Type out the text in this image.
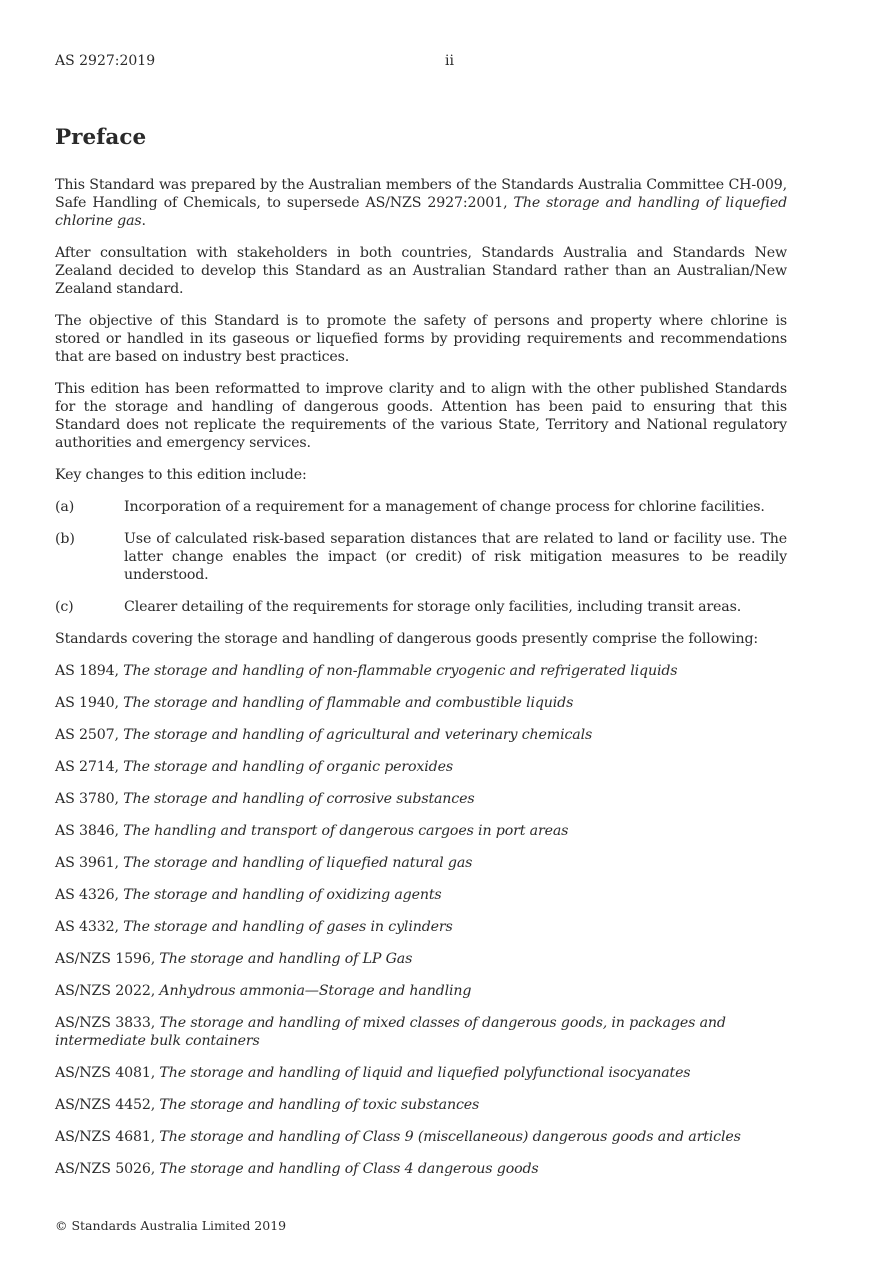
AS 2927:2019	ii
Preface

This Standard was prepared by the Australian members of the Standards Australia Committee CH-009, Safe Handling of Chemicals, to supersede AS/NZS 2927:2001, The storage and handling of liquefied chlorine gas.

After consultation with stakeholders in both countries, Standards Australia and Standards New Zealand decided to develop this Standard as an Australian Standard rather than an Australian/New Zealand standard.

The objective of this Standard is to promote the safety of persons and property where chlorine is stored or handled in its gaseous or liquefied forms by providing requirements and recommendations that are based on industry best practices.

This edition has been reformatted to improve clarity and to align with the other published Standards for the storage and handling of dangerous goods. Attention has been paid to ensuring that this Standard does not replicate the requirements of the various State, Territory and National regulatory authorities and emergency services.

Key changes to this edition include:

(a)	Incorporation of a requirement for a management of change process for chlorine facilities.
(b)	Use of calculated risk-based separation distances that are related to land or facility use. The latter change enables the impact (or credit) of risk mitigation measures to be readily understood.
(c)	Clearer detailing of the requirements for storage only facilities, including transit areas.

Standards covering the storage and handling of dangerous goods presently comprise the following:

AS 1894, The storage and handling of non-flammable cryogenic and refrigerated liquids

AS 1940, The storage and handling of flammable and combustible liquids

AS 2507, The storage and handling of agricultural and veterinary chemicals

AS 2714, The storage and handling of organic peroxides

AS 3780, The storage and handling of corrosive substances

AS 3846, The handling and transport of dangerous cargoes in port areas

AS 3961, The storage and handling of liquefied natural gas

AS 4326, The storage and handling of oxidizing agents

AS 4332, The storage and handling of gases in cylinders

AS/NZS 1596, The storage and handling of LP Gas

AS/NZS 2022, Anhydrous ammonia—Storage and handling

AS/NZS 3833, The storage and handling of mixed classes of dangerous goods, in packages and intermediate bulk containers

AS/NZS 4081, The storage and handling of liquid and liquefied polyfunctional isocyanates

AS/NZS 4452, The storage and handling of toxic substances

AS/NZS 4681, The storage and handling of Class 9 (miscellaneous) dangerous goods and articles

AS/NZS 5026, The storage and handling of Class 4 dangerous goods

© Standards Australia Limited 2019
